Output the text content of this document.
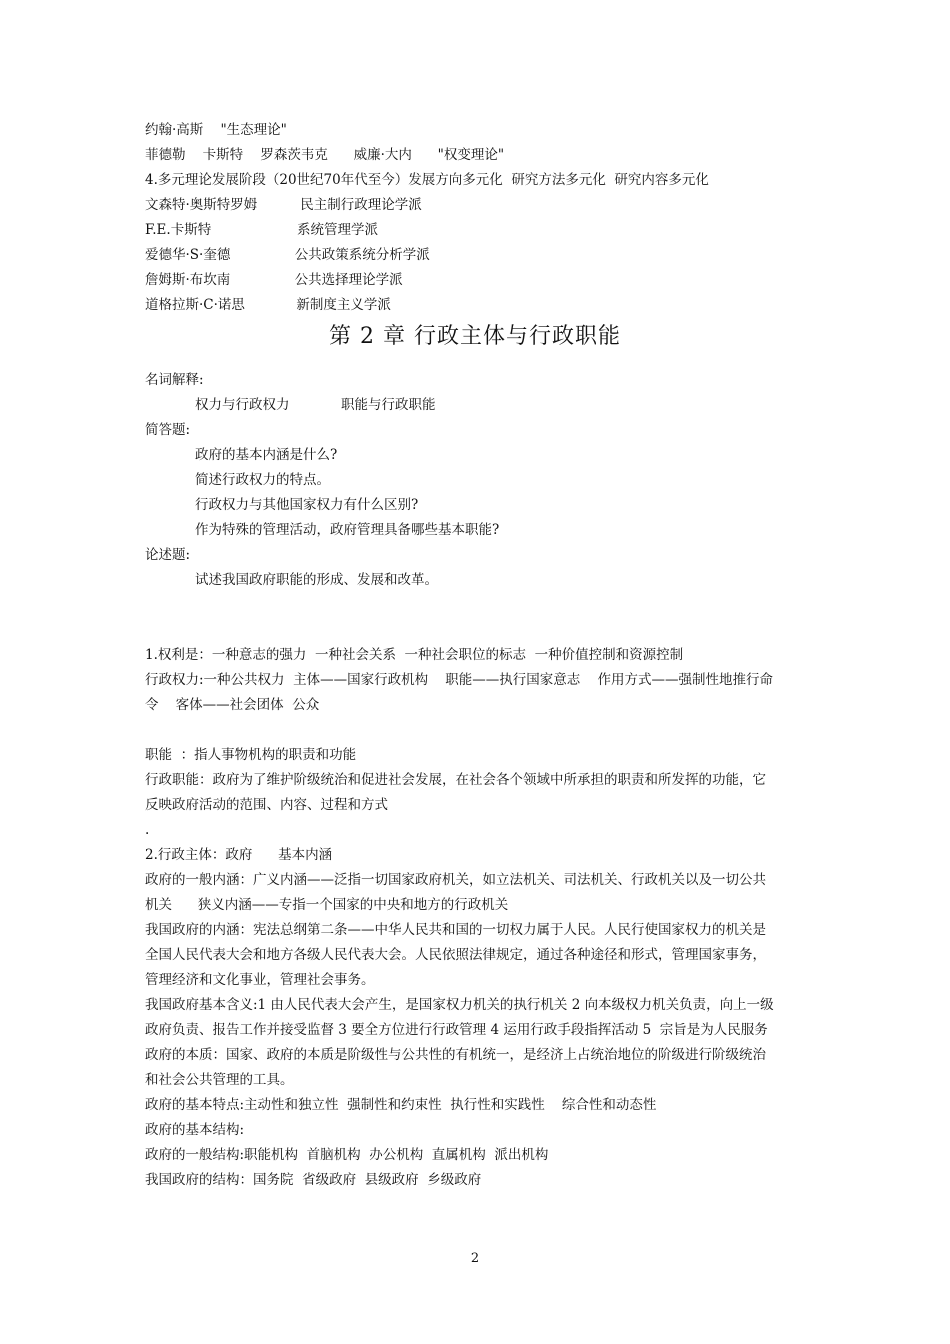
约翰·高斯    "生态理论"
菲德勒    卡斯特    罗森茨韦克      威廉·大内      "权变理论"
4.多元理论发展阶段（20世纪70年代至今）发展方向多元化  研究方法多元化  研究内容多元化
文森特·奥斯特罗姆          民主制行政理论学派
F.E.卡斯特                    系统管理学派
爱德华·S·奎德               公共政策系统分析学派
詹姆斯·布坎南               公共选择理论学派
道格拉斯·C·诺思            新制度主义学派
第 2 章 行政主体与行政职能
名词解释:
权力与行政权力            职能与行政职能
简答题:
政府的基本内涵是什么?
简述行政权力的特点。
行政权力与其他国家权力有什么区别?
作为特殊的管理活动，政府管理具备哪些基本职能?
论述题:
试述我国政府职能的形成、发展和改革。
1.权利是：一种意志的强力  一种社会关系  一种社会职位的标志  一种价值控制和资源控制
行政权力:一种公共权力  主体——国家行政机构    职能——执行国家意志    作用方式——强制性地推行命
令    客体——社会团体  公众
职能  ：指人事物机构的职责和功能
行政职能：政府为了维护阶级统治和促进社会发展，在社会各个领域中所承担的职责和所发挥的功能，它
反映政府活动的范围、内容、过程和方式
.
2.行政主体：政府      基本内涵
政府的一般内涵：广义内涵——泛指一切国家政府机关，如立法机关、司法机关、行政机关以及一切公共
机关      狭义内涵——专指一个国家的中央和地方的行政机关
我国政府的内涵：宪法总纲第二条——中华人民共和国的一切权力属于人民。人民行使国家权力的机关是
全国人民代表大会和地方各级人民代表大会。人民依照法律规定，通过各种途径和形式，管理国家事务，
管理经济和文化事业，管理社会事务。
我国政府基本含义:1 由人民代表大会产生，是国家权力机关的执行机关 2 向本级权力机关负责，向上一级
政府负责、报告工作并接受监督 3 要全方位进行行政管理 4 运用行政手段指挥活动 5  宗旨是为人民服务
政府的本质：国家、政府的本质是阶级性与公共性的有机统一，是经济上占统治地位的阶级进行阶级统治
和社会公共管理的工具。
政府的基本特点:主动性和独立性  强制性和约束性  执行性和实践性    综合性和动态性
政府的基本结构:
政府的一般结构:职能机构  首脑机构  办公机构  直属机构  派出机构
我国政府的结构：国务院  省级政府  县级政府  乡级政府
2
